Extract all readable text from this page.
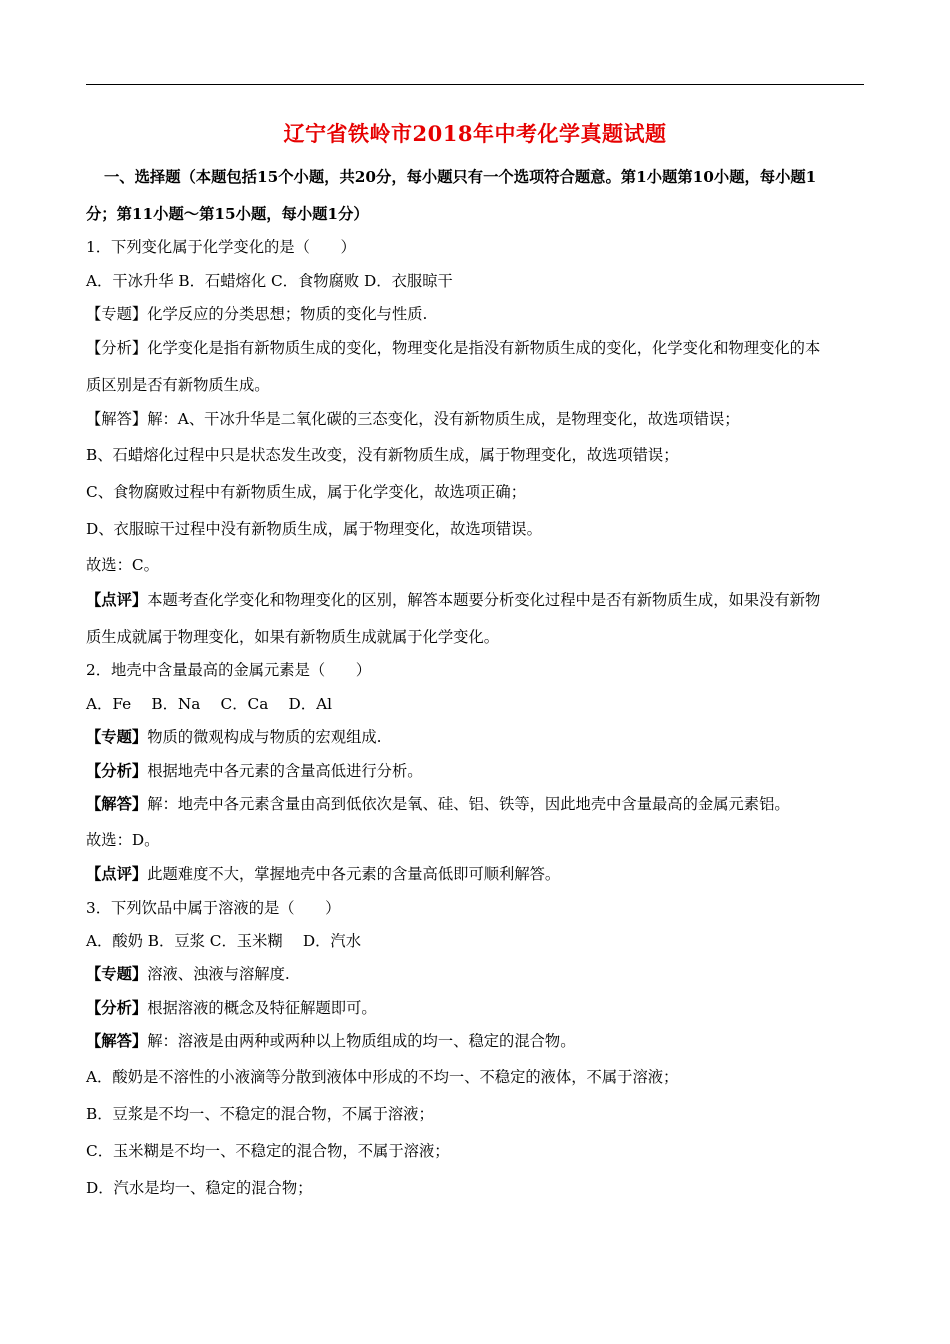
辽宁省铁岭市2018年中考化学真题试题
一、选择题（本题包括15个小题，共20分，每小题只有一个选项符合题意。第1小题第10小题，每小题1
分；第11小题～第15小题，每小题1分）
1．下列变化属于化学变化的是（　　）
A．干冰升华 B．石蜡熔化 C．食物腐败 D．衣服晾干
【专题】化学反应的分类思想；物质的变化与性质.
【分析】化学变化是指有新物质生成的变化，物理变化是指没有新物质生成的变化，化学变化和物理变化的本
质区别是否有新物质生成。
【解答】解：A、干冰升华是二氧化碳的三态变化，没有新物质生成，是物理变化，故选项错误；
B、石蜡熔化过程中只是状态发生改变，没有新物质生成，属于物理变化，故选项错误；
C、食物腐败过程中有新物质生成，属于化学变化，故选项正确；
D、衣服晾干过程中没有新物质生成，属于物理变化，故选项错误。
故选：C。
【点评】本题考查化学变化和物理变化的区别，解答本题要分析变化过程中是否有新物质生成，如果没有新物
质生成就属于物理变化，如果有新物质生成就属于化学变化。
2．地壳中含量最高的金属元素是（　　）
A．Fe　 B．Na　 C．Ca　 D．Al
【专题】物质的微观构成与物质的宏观组成.
【分析】根据地壳中各元素的含量高低进行分析。
【解答】解：地壳中各元素含量由高到低依次是氧、硅、铝、铁等，因此地壳中含量最高的金属元素铝。
故选：D。
【点评】此题难度不大，掌握地壳中各元素的含量高低即可顺利解答。
3．下列饮品中属于溶液的是（　　）
A．酸奶 B．豆浆 C．玉米糊　 D．汽水
【专题】溶液、浊液与溶解度.
【分析】根据溶液的概念及特征解题即可。
【解答】解：溶液是由两种或两种以上物质组成的均一、稳定的混合物。
A．酸奶是不溶性的小液滴等分散到液体中形成的不均一、不稳定的液体，不属于溶液；
B．豆浆是不均一、不稳定的混合物，不属于溶液；
C．玉米糊是不均一、不稳定的混合物，不属于溶液；
D．汽水是均一、稳定的混合物；
